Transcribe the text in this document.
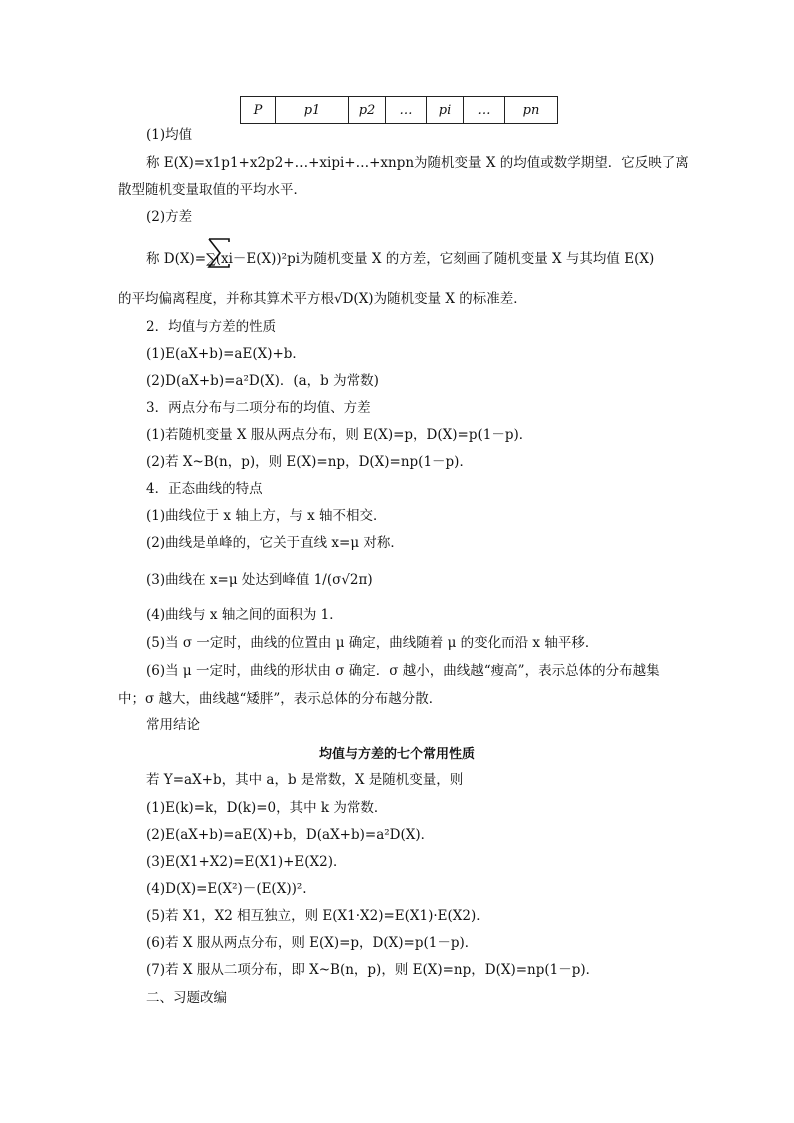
P	p1	p2	…	pi	…	pn
(1)均值
称 E(X)=x1p1+x2p2+…+xipi+…+xnpn为随机变量 X 的均值或数学期望．它反映了离
散型随机变量取值的平均水平．
(2)方差
称 D(X)=∑(xi－E(X))²pi为随机变量 X 的方差，它刻画了随机变量 X 与其均值 E(X)
的平均偏离程度，并称其算术平方根√D(X)为随机变量 X 的标准差．
2．均值与方差的性质
(1)E(aX+b)=aE(X)+b．
(2)D(aX+b)=a²D(X)．(a，b 为常数)
3．两点分布与二项分布的均值、方差
(1)若随机变量 X 服从两点分布，则 E(X)=p，D(X)=p(1－p)．
(2)若 X~B(n，p)，则 E(X)=np，D(X)=np(1－p)．
4．正态曲线的特点
(1)曲线位于 x 轴上方，与 x 轴不相交．
(2)曲线是单峰的，它关于直线 x=μ 对称．
(3)曲线在 x=μ 处达到峰值 1/(σ√2π)
(4)曲线与 x 轴之间的面积为 1．
(5)当 σ 一定时，曲线的位置由 μ 确定，曲线随着 μ 的变化而沿 x 轴平移．
(6)当 μ 一定时，曲线的形状由 σ 确定．σ 越小，曲线越“瘦高”，表示总体的分布越集
中；σ 越大，曲线越“矮胖”，表示总体的分布越分散．
常用结论
均值与方差的七个常用性质
若 Y=aX+b，其中 a，b 是常数，X 是随机变量，则
(1)E(k)=k，D(k)=0，其中 k 为常数．
(2)E(aX+b)=aE(X)+b，D(aX+b)=a²D(X)．
(3)E(X1+X2)=E(X1)+E(X2)．
(4)D(X)=E(X²)－(E(X))².
(5)若 X1，X2 相互独立，则 E(X1·X2)=E(X1)·E(X2)．
(6)若 X 服从两点分布，则 E(X)=p，D(X)=p(1－p)．
(7)若 X 服从二项分布，即 X~B(n，p)，则 E(X)=np，D(X)=np(1－p)．
二、习题改编
